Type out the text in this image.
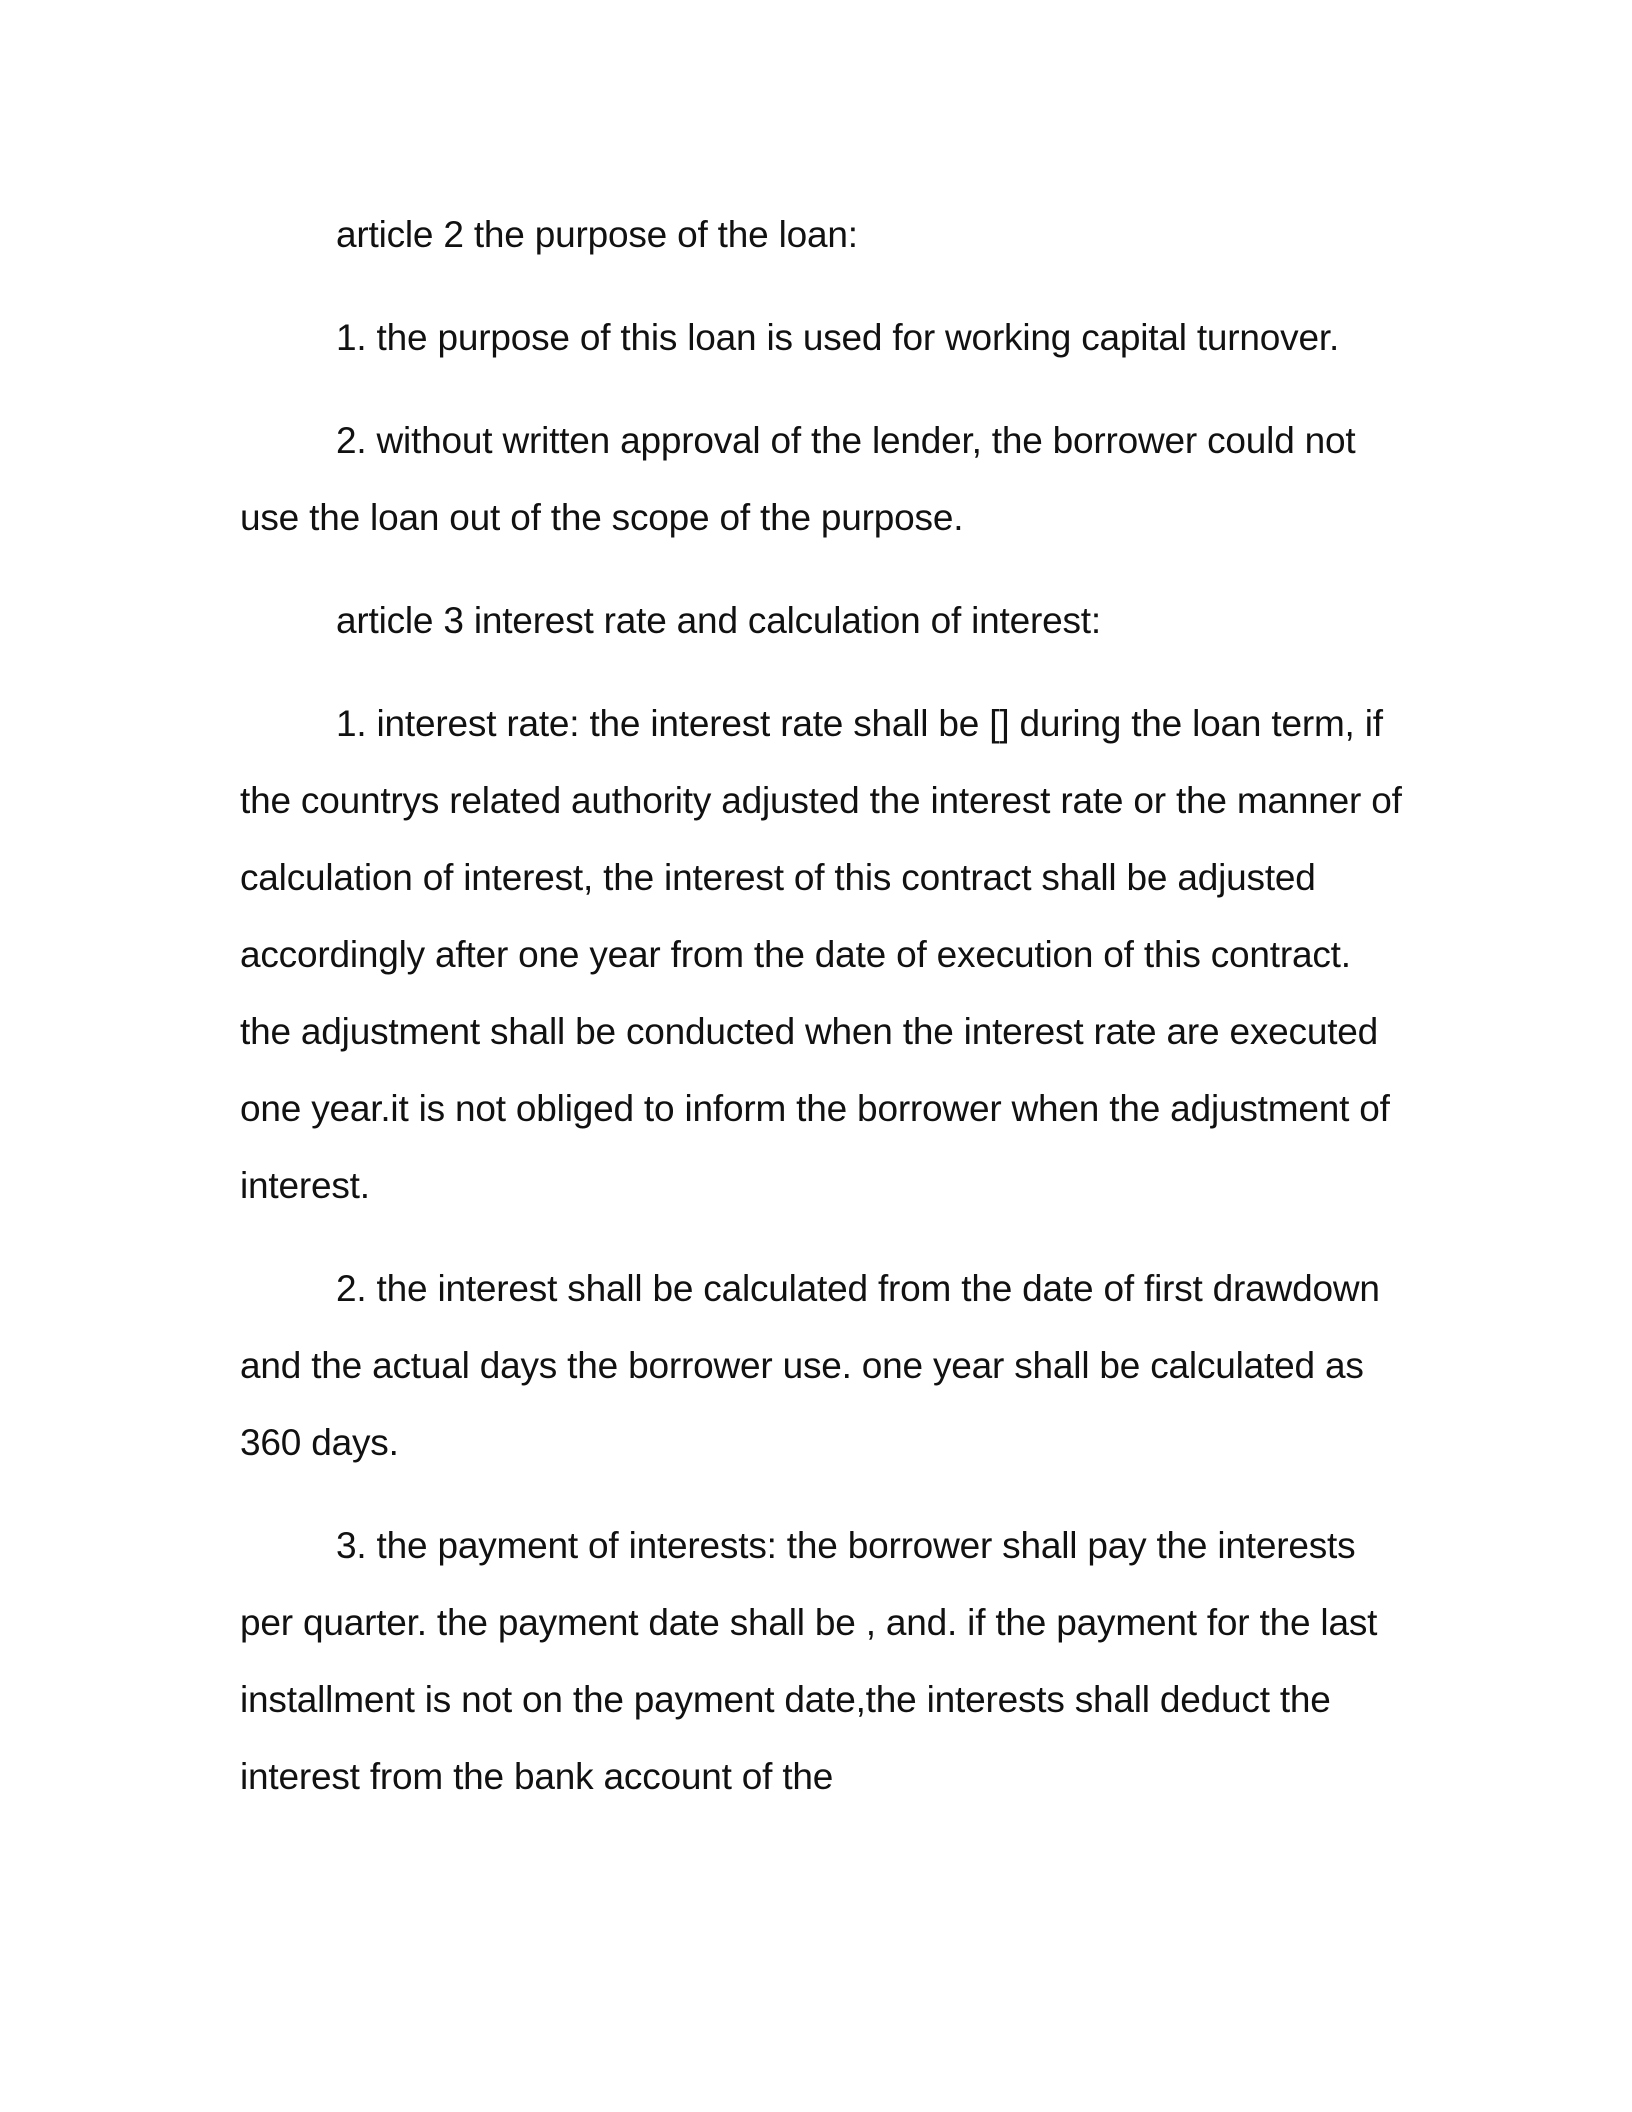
article 2 the purpose of the loan:

1. the purpose of this loan is used for working capital turnover.

2. without written approval of the lender, the borrower could not use the loan out of the scope of the purpose.

article 3 interest rate and calculation of interest:

1. interest rate: the interest rate shall be [] during the loan term, if the countrys related authority adjusted the interest rate or the manner of calculation of interest, the interest of this contract shall be adjusted accordingly after one year from the date of execution of this contract. the adjustment shall be conducted when the interest rate are executed one year.it is not obliged to inform the borrower when the adjustment of interest.

2. the interest shall be calculated from the date of first drawdown and the actual days the borrower use. one year shall be calculated as 360 days.

3. the payment of interests: the borrower shall pay the interests per quarter. the payment date shall be , and. if the payment for the last installment is not on the payment date,the interests shall deduct the interest from the bank account of the
